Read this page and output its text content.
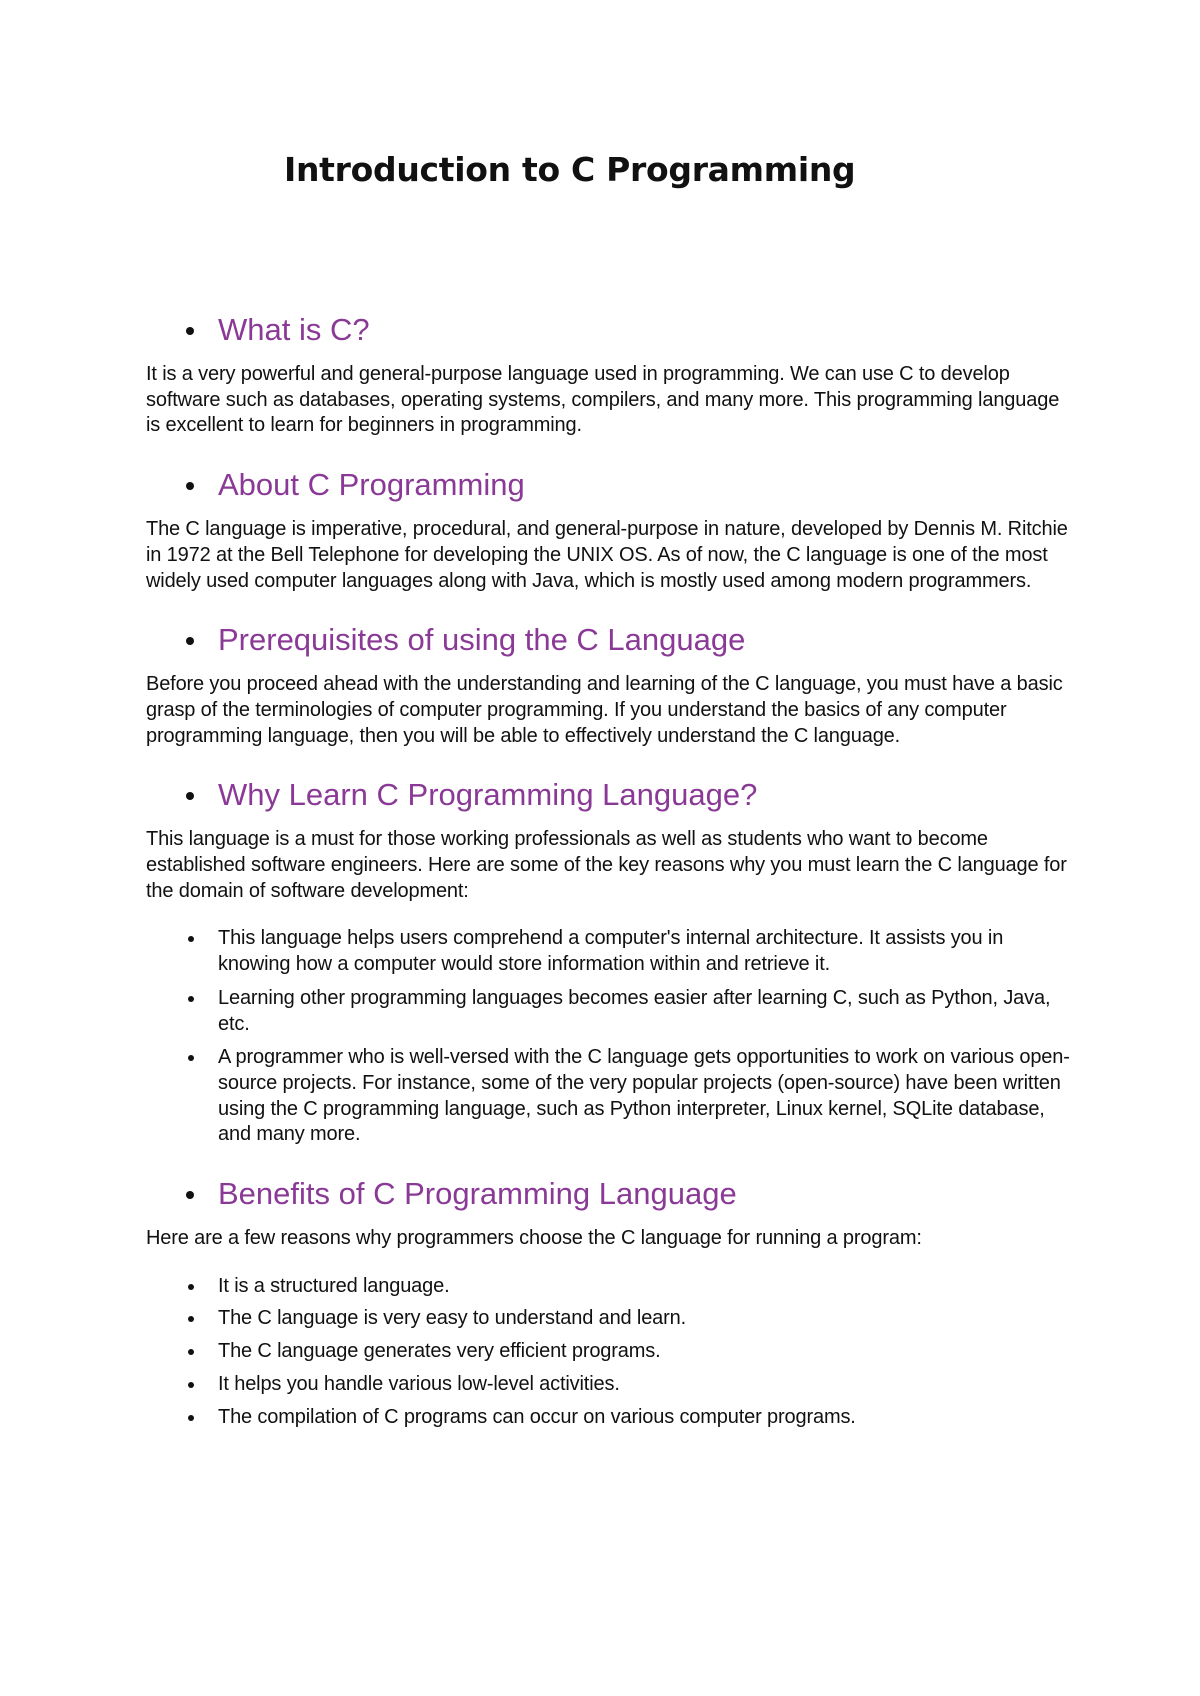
Introduction to C Programming
What is C?

It is a very powerful and general-purpose language used in programming. We can use C to develop software such as databases, operating systems, compilers, and many more. This programming language is excellent to learn for beginners in programming.

About C Programming

The C language is imperative, procedural, and general-purpose in nature, developed by Dennis M. Ritchie in 1972 at the Bell Telephone for developing the UNIX OS. As of now, the C language is one of the most widely used computer languages along with Java, which is mostly used among modern programmers.

Prerequisites of using the C Language

Before you proceed ahead with the understanding and learning of the C language, you must have a basic grasp of the terminologies of computer programming. If you understand the basics of any computer programming language, then you will be able to effectively understand the C language.

Why Learn C Programming Language?

This language is a must for those working professionals as well as students who want to become established software engineers. Here are some of the key reasons why you must learn the C language for the domain of software development:

This language helps users comprehend a computer's internal architecture. It assists you in knowing how a computer would store information within and retrieve it.
Learning other programming languages becomes easier after learning C, such as Python, Java, etc.
A programmer who is well-versed with the C language gets opportunities to work on various open-source projects. For instance, some of the very popular projects (open-source) have been written using the C programming language, such as Python interpreter, Linux kernel, SQLite database, and many more.
Benefits of C Programming Language

Here are a few reasons why programmers choose the C language for running a program:

It is a structured language.
The C language is very easy to understand and learn.
The C language generates very efficient programs.
It helps you handle various low-level activities.
The compilation of C programs can occur on various computer programs.
